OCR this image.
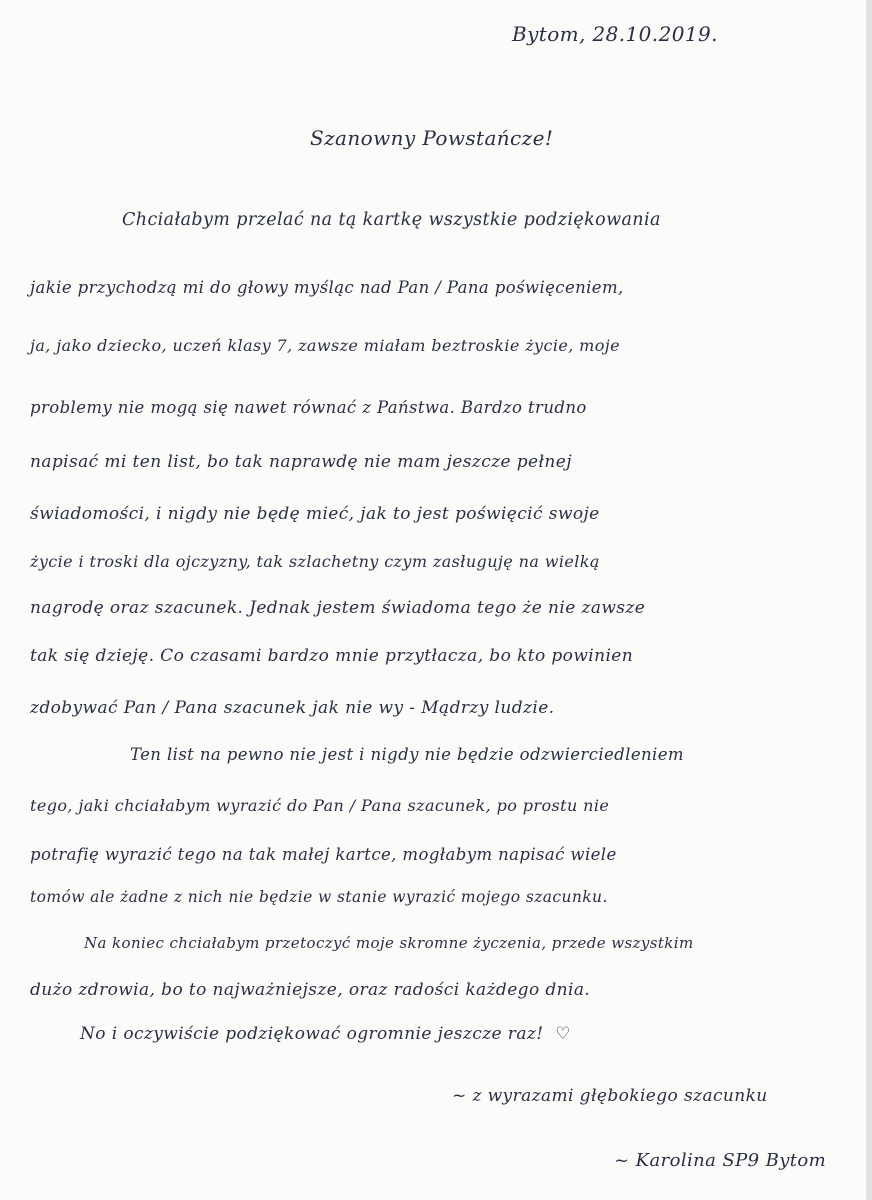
Bytom, 28.10.2019.
Szanowny Powstańcze!
Chciałabym przelać na tą kartkę wszystkie podziękowania
jakie przychodzą mi do głowy myśląc nad Pan / Pana poświęceniem,
ja, jako dziecko, uczeń klasy 7, zawsze miałam beztroskie życie, moje
problemy nie mogą się nawet równać z Państwa. Bardzo trudno
napisać mi ten list, bo tak naprawdę nie mam jeszcze pełnej
świadomości, i nigdy nie będę mieć, jak to jest poświęcić swoje
życie i troski dla ojczyzny, tak szlachetny czym zasługuję na wielką
nagrodę oraz szacunek. Jednak jestem świadoma tego że nie zawsze
tak się dzieję. Co czasami bardzo mnie przytłacza, bo kto powinien
zdobywać Pan / Pana szacunek jak nie wy - Mądrzy ludzie.
Ten list na pewno nie jest i nigdy nie będzie odzwierciedleniem
tego, jaki chciałabym wyrazić do Pan / Pana szacunek, po prostu nie
potrafię wyrazić tego na tak małej kartce, mogłabym napisać wiele
tomów ale żadne z nich nie będzie w stanie wyrazić mojego szacunku.
Na koniec chciałabym przetoczyć moje skromne życzenia, przede wszystkim
dużo zdrowia, bo to najważniejsze, oraz radości każdego dnia.
No i oczywiście podziękować ogromnie jeszcze raz! ♡
~ z wyrazami głębokiego szacunku
~ Karolina SP9 Bytom
